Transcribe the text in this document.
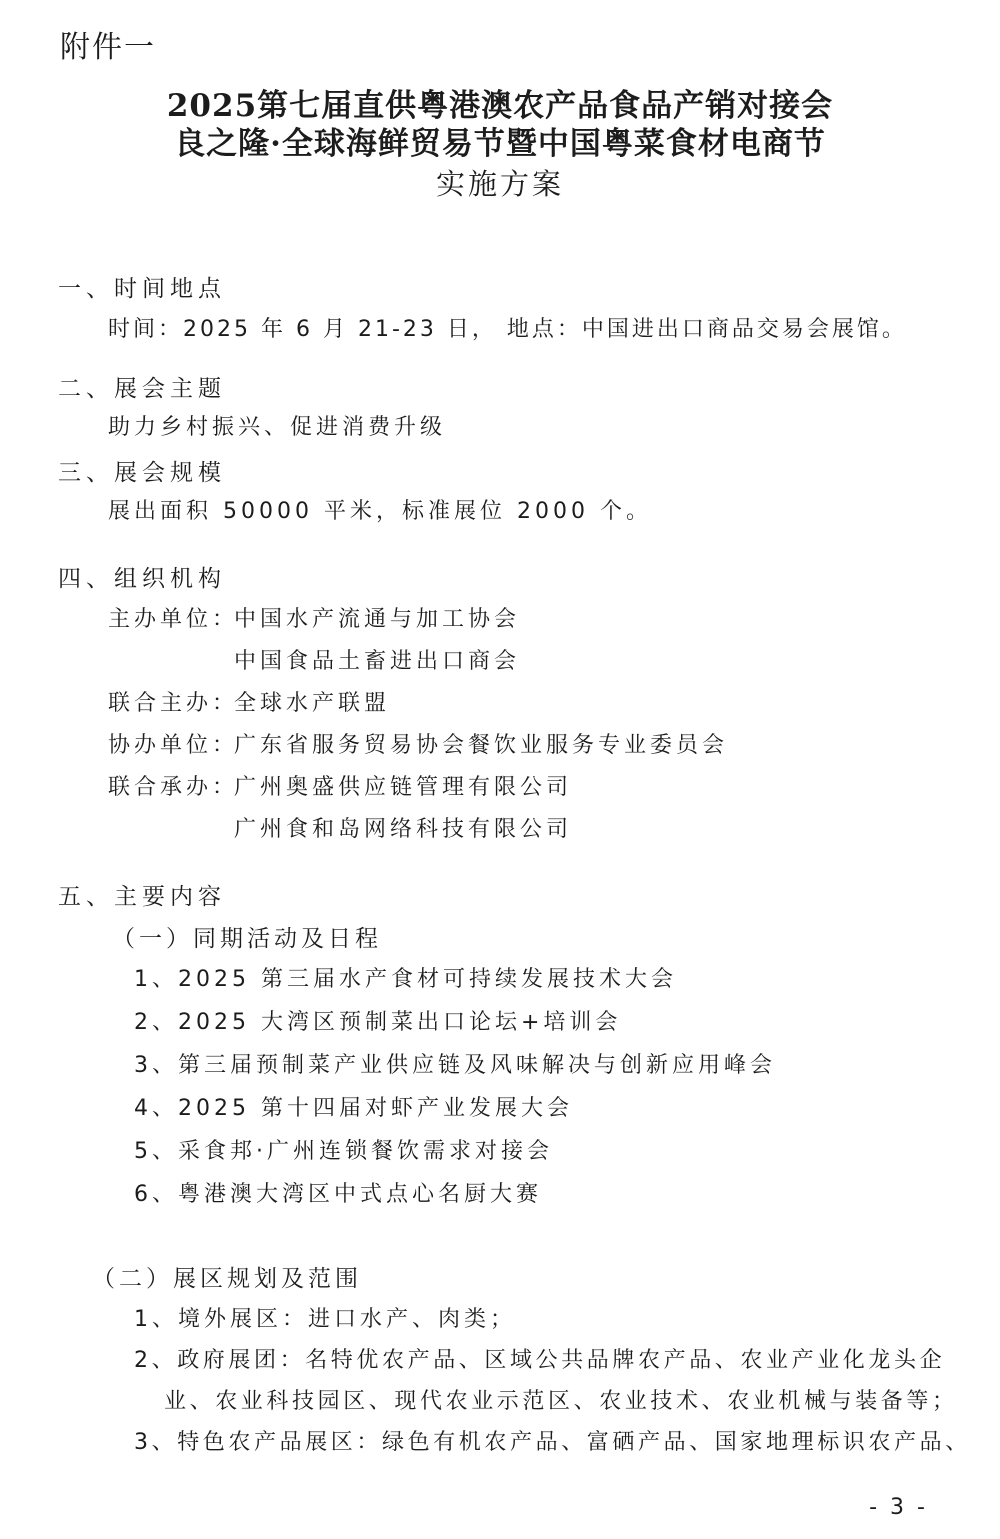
附件一
2025第七届直供粤港澳农产品食品产销对接会
良之隆·全球海鲜贸易节暨中国粤菜食材电商节
实施方案
一、时间地点
时间：2025 年 6 月 21-23 日， 地点：中国进出口商品交易会展馆。
二、展会主题
助力乡村振兴、促进消费升级
三、展会规模
展出面积 50000 平米，标准展位 2000 个。
四、组织机构
主办单位：中国水产流通与加工协会
中国食品土畜进出口商会
联合主办：全球水产联盟
协办单位：广东省服务贸易协会餐饮业服务专业委员会
联合承办：广州奥盛供应链管理有限公司
广州食和岛网络科技有限公司
五、主要内容
（一）同期活动及日程
1、2025 第三届水产食材可持续发展技术大会
2、2025 大湾区预制菜出口论坛+培训会
3、第三届预制菜产业供应链及风味解决与创新应用峰会
4、2025 第十四届对虾产业发展大会
5、采食邦·广州连锁餐饮需求对接会
6、粤港澳大湾区中式点心名厨大赛
（二）展区规划及范围
1、境外展区：进口水产、肉类；
2、政府展团：名特优农产品、区域公共品牌农产品、农业产业化龙头企
业、农业科技园区、现代农业示范区、农业技术、农业机械与装备等；
3、特色农产品展区：绿色有机农产品、富硒产品、国家地理标识农产品、
- 3 -
